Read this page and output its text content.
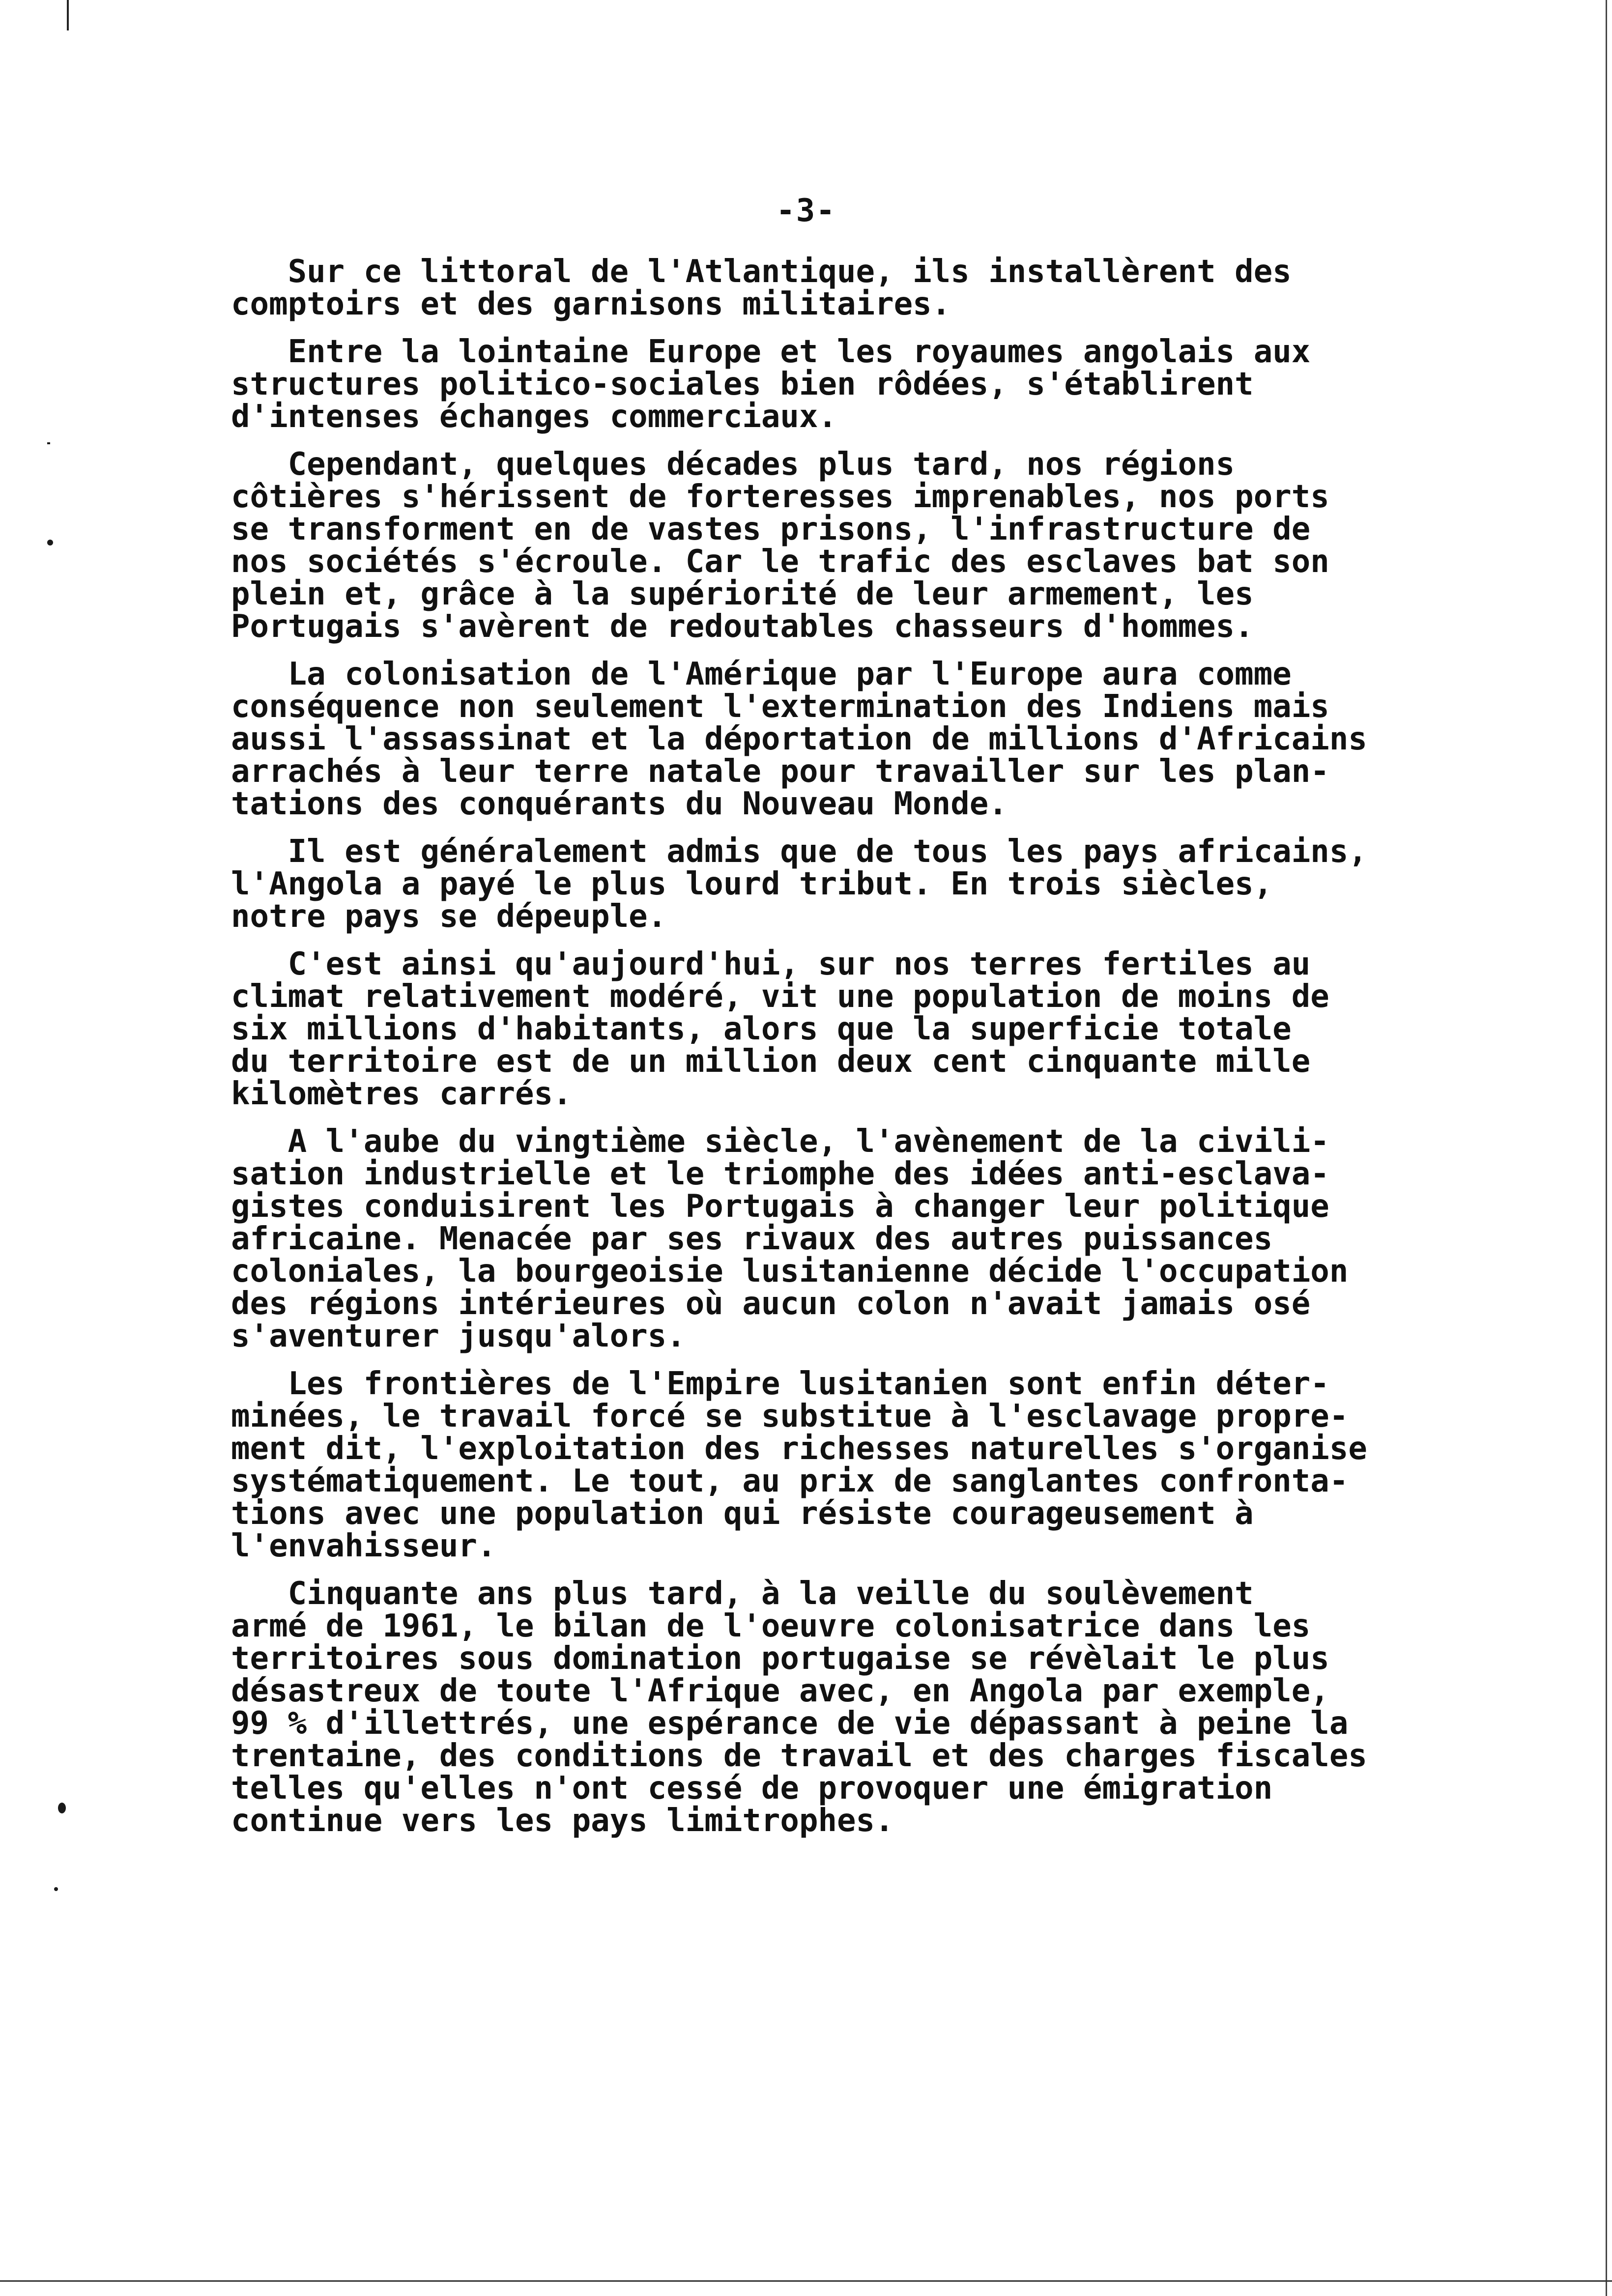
-3-

Sur ce littoral de l'Atlantique, ils installèrent des
comptoirs et des garnisons militaires.

Entre la lointaine Europe et les royaumes angolais aux
structures politico-sociales bien rôdées, s'établirent
d'intenses échanges commerciaux.

Cependant, quelques décades plus tard, nos régions
côtières s'hérissent de forteresses imprenables, nos ports
se transforment en de vastes prisons, l'infrastructure de
nos sociétés s'écroule. Car le trafic des esclaves bat son
plein et, grâce à la supériorité de leur armement, les
Portugais s'avèrent de redoutables chasseurs d'hommes.

La colonisation de l'Amérique par l'Europe aura comme
conséquence non seulement l'extermination des Indiens mais
aussi l'assassinat et la déportation de millions d'Africains
arrachés à leur terre natale pour travailler sur les plan-
tations des conquérants du Nouveau Monde.

Il est généralement admis que de tous les pays africains,
l'Angola a payé le plus lourd tribut. En trois siècles,
notre pays se dépeuple.

C'est ainsi qu'aujourd'hui, sur nos terres fertiles au
climat relativement modéré, vit une population de moins de
six millions d'habitants, alors que la superficie totale
du territoire est de un million deux cent cinquante mille
kilomètres carrés.

A l'aube du vingtième siècle, l'avènement de la civili-
sation industrielle et le triomphe des idées anti-esclava-
gistes conduisirent les Portugais à changer leur politique
africaine. Menacée par ses rivaux des autres puissances
coloniales, la bourgeoisie lusitanienne décide l'occupation
des régions intérieures où aucun colon n'avait jamais osé
s'aventurer jusqu'alors.

Les frontières de l'Empire lusitanien sont enfin déter-
minées, le travail forcé se substitue à l'esclavage propre-
ment dit, l'exploitation des richesses naturelles s'organise
systématiquement. Le tout, au prix de sanglantes confronta-
tions avec une population qui résiste courageusement à
l'envahisseur.

Cinquante ans plus tard, à la veille du soulèvement
armé de 1961, le bilan de l'oeuvre colonisatrice dans les
territoires sous domination portugaise se révèlait le plus
désastreux de toute l'Afrique avec, en Angola par exemple,
99 % d'illettrés, une espérance de vie dépassant à peine la
trentaine, des conditions de travail et des charges fiscales
telles qu'elles n'ont cessé de provoquer une émigration
continue vers les pays limitrophes.
